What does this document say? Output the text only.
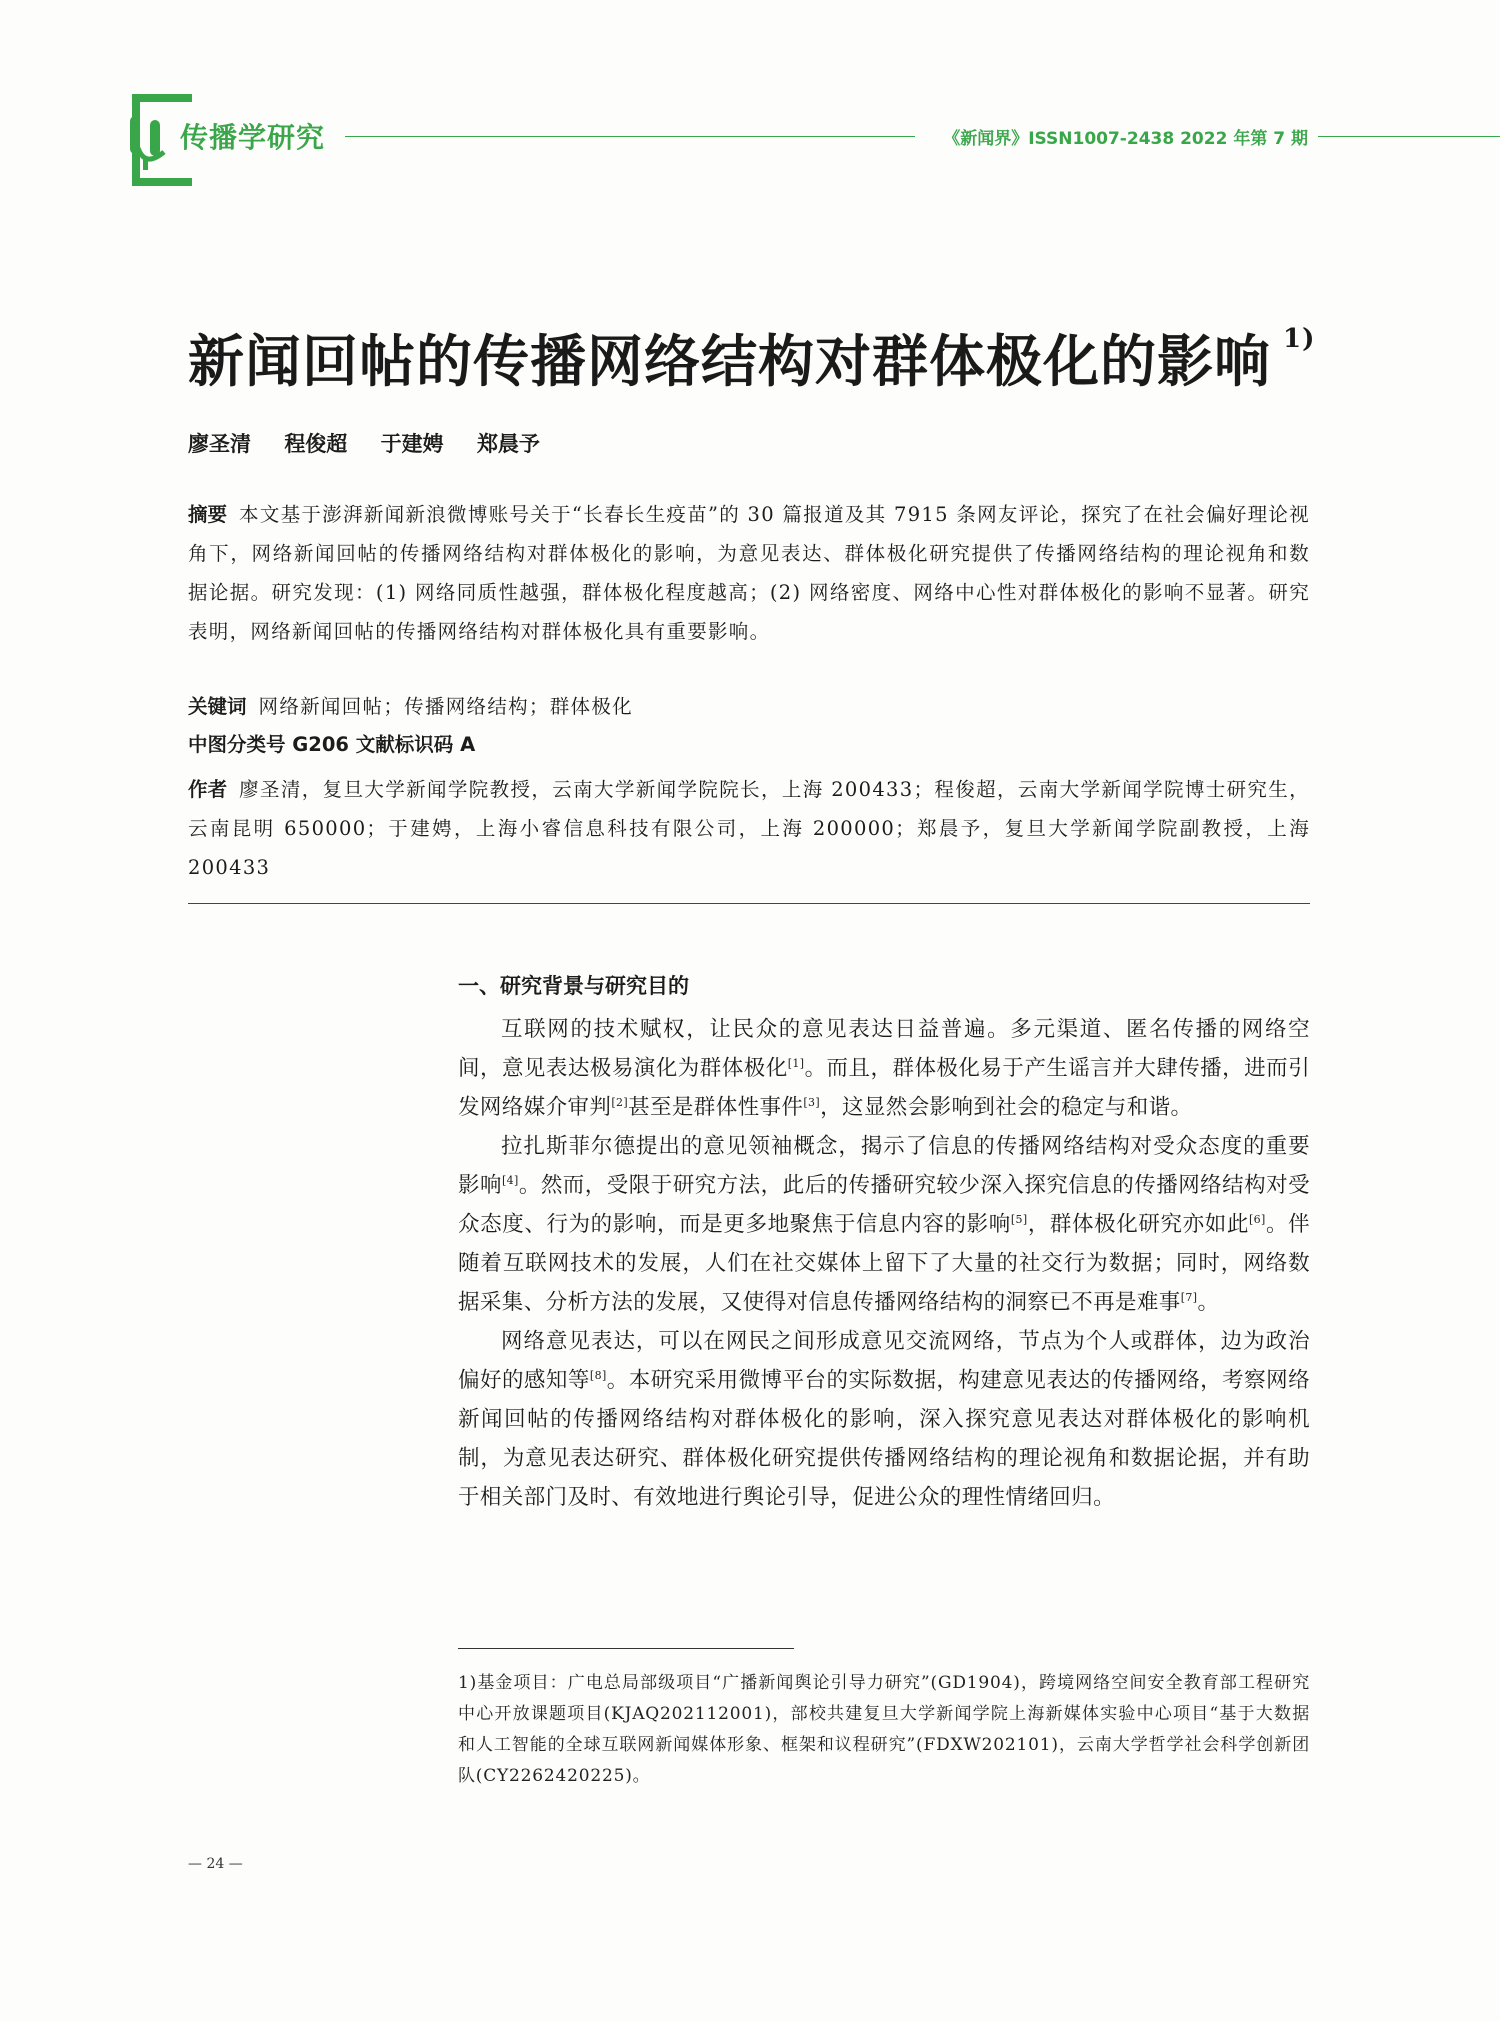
传播学研究	《新闻界》ISSN1007-2438 2022 年第 7 期
新闻回帖的传播网络结构对群体极化的影响 $^{1)}$
廖圣清 程俊超 于建娉 郑晨予
摘要 本文基于澎湃新闻新浪微博账号关于“长春长生疫苗”的 30 篇报道及其 7915 条网友评论，探究了在社会偏好理论视角下，网络新闻回帖的传播网络结构对群体极化的影响，为意见表达、群体极化研究提供了传播网络结构的理论视角和数据论据。研究发现：(1) 网络同质性越强，群体极化程度越高；(2) 网络密度、网络中心性对群体极化的影响不显著。研究表明，网络新闻回帖的传播网络结构对群体极化具有重要影响。
关键词 网络新闻回帖；传播网络结构；群体极化
中图分类号 G206 文献标识码 A
作者 廖圣清，复旦大学新闻学院教授，云南大学新闻学院院长，上海 200433；程俊超，云南大学新闻学院博士研究生，云南昆明 650000；于建娉，上海小睿信息科技有限公司，上海 200000；郑晨予，复旦大学新闻学院副教授，上海 200433
一、研究背景与研究目的

互联网的技术赋权，让民众的意见表达日益普遍。多元渠道、匿名传播的网络空间，意见表达极易演化为群体极化[1]。而且，群体极化易于产生谣言并大肆传播，进而引发网络媒介审判[2]甚至是群体性事件[3]，这显然会影响到社会的稳定与和谐。

拉扎斯菲尔德提出的意见领袖概念，揭示了信息的传播网络结构对受众态度的重要影响[4]。然而，受限于研究方法，此后的传播研究较少深入探究信息的传播网络结构对受众态度、行为的影响，而是更多地聚焦于信息内容的影响[5]，群体极化研究亦如此[6]。伴随着互联网技术的发展，人们在社交媒体上留下了大量的社交行为数据；同时，网络数据采集、分析方法的发展，又使得对信息传播网络结构的洞察已不再是难事[7]。

网络意见表达，可以在网民之间形成意见交流网络，节点为个人或群体，边为政治偏好的感知等[8]。本研究采用微博平台的实际数据，构建意见表达的传播网络，考察网络新闻回帖的传播网络结构对群体极化的影响，深入探究意见表达对群体极化的影响机制，为意见表达研究、群体极化研究提供传播网络结构的理论视角和数据论据，并有助于相关部门及时、有效地进行舆论引导，促进公众的理性情绪回归。

1)基金项目：广电总局部级项目“广播新闻舆论引导力研究”(GD1904)，跨境网络空间安全教育部工程研究中心开放课题项目(KJAQ202112001)，部校共建复旦大学新闻学院上海新媒体实验中心项目“基于大数据和人工智能的全球互联网新闻媒体形象、框架和议程研究”(FDXW202101)，云南大学哲学社会科学创新团队(CY2262420225)。
— 24 —
